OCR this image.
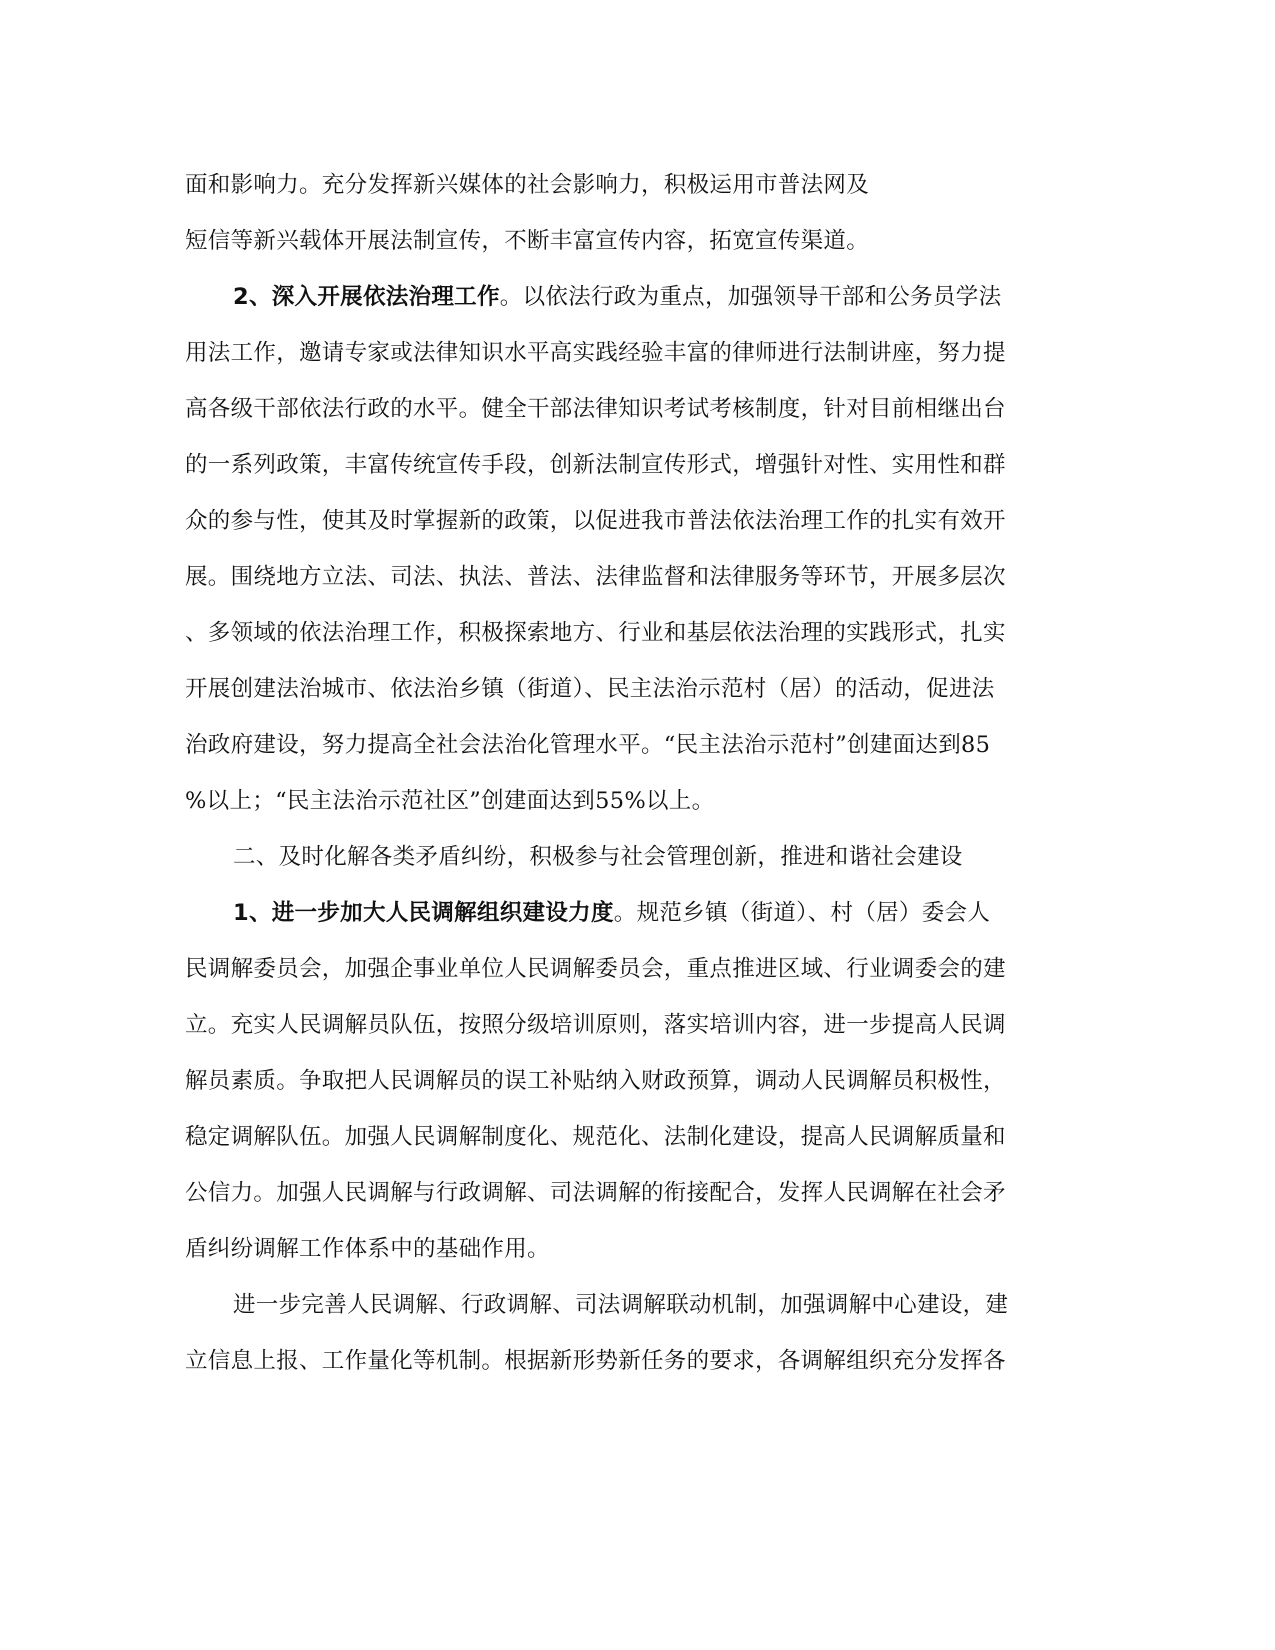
面和影响力。充分发挥新兴媒体的社会影响力，积极运用市普法网及
短信等新兴载体开展法制宣传，不断丰富宣传内容，拓宽宣传渠道。
2、深入开展依法治理工作。以依法行政为重点，加强领导干部和公务员学法
用法工作，邀请专家或法律知识水平高实践经验丰富的律师进行法制讲座，努力提
高各级干部依法行政的水平。健全干部法律知识考试考核制度，针对目前相继出台
的一系列政策，丰富传统宣传手段，创新法制宣传形式，增强针对性、实用性和群
众的参与性，使其及时掌握新的政策，以促进我市普法依法治理工作的扎实有效开
展。围绕地方立法、司法、执法、普法、法律监督和法律服务等环节，开展多层次
、多领域的依法治理工作，积极探索地方、行业和基层依法治理的实践形式，扎实
开展创建法治城市、依法治乡镇（街道）、民主法治示范村（居）的活动，促进法
治政府建设，努力提高全社会法治化管理水平。“民主法治示范村”创建面达到85
%以上；“民主法治示范社区”创建面达到55%以上。
二、及时化解各类矛盾纠纷，积极参与社会管理创新，推进和谐社会建设
1、进一步加大人民调解组织建设力度。规范乡镇（街道）、村（居）委会人
民调解委员会，加强企事业单位人民调解委员会，重点推进区域、行业调委会的建
立。充实人民调解员队伍，按照分级培训原则，落实培训内容，进一步提高人民调
解员素质。争取把人民调解员的误工补贴纳入财政预算，调动人民调解员积极性，
稳定调解队伍。加强人民调解制度化、规范化、法制化建设，提高人民调解质量和
公信力。加强人民调解与行政调解、司法调解的衔接配合，发挥人民调解在社会矛
盾纠纷调解工作体系中的基础作用。
进一步完善人民调解、行政调解、司法调解联动机制，加强调解中心建设，建
立信息上报、工作量化等机制。根据新形势新任务的要求，各调解组织充分发挥各
